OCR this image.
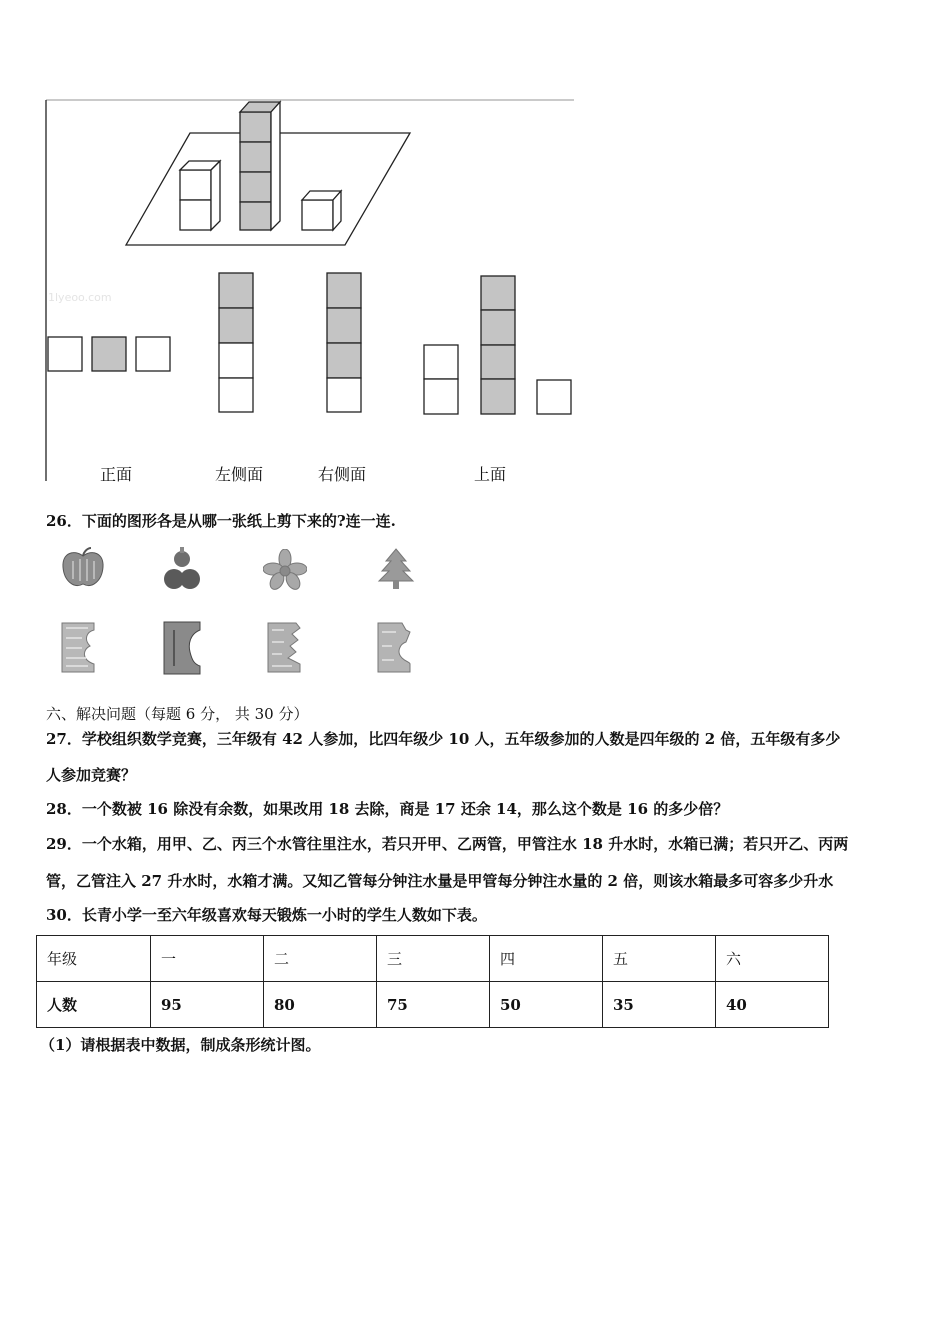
1lyeoo.com
正面	左侧面	右侧面	上面
26．下面的图形各是从哪一张纸上剪下来的?连一连.
六、解决问题（每题 6 分， 共 30 分）
27．学校组织数学竞赛，三年级有 42 人参加，比四年级少 10 人，五年级参加的人数是四年级的 2 倍，五年级有多少
人参加竞赛？
28．一个数被 16 除没有余数，如果改用 18 去除，商是 17 还余 14，那么这个数是 16 的多少倍？
29．一个水箱，用甲、乙、丙三个水管往里注水，若只开甲、乙两管，甲管注水 18 升水时，水箱已满；若只开乙、丙两
管，乙管注入 27 升水时，水箱才满。又知乙管每分钟注水量是甲管每分钟注水量的 2 倍，则该水箱最多可容多少升水
30．长青小学一至六年级喜欢每天锻炼一小时的学生人数如下表。
年级	一	二	三	四	五	六
人数	95	80	75	50	35	40
（1）请根据表中数据，制成条形统计图。
